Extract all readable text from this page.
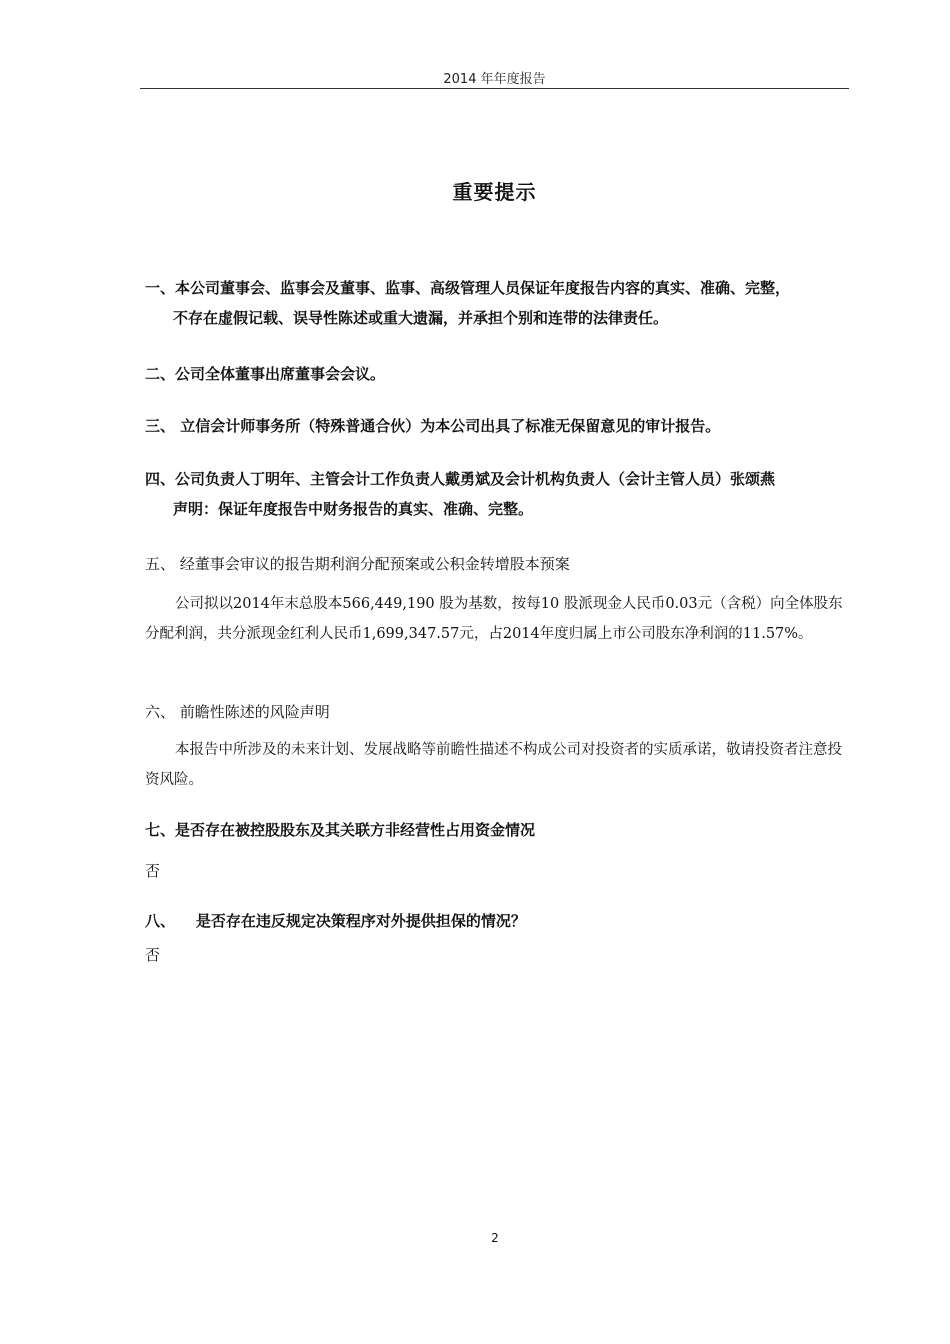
2014 年年度报告
重要提示
一、本公司董事会、监事会及董事、监事、高级管理人员保证年度报告内容的真实、准确、完整，
不存在虚假记载、误导性陈述或重大遗漏，并承担个别和连带的法律责任。
二、公司全体董事出席董事会会议。
三、 立信会计师事务所（特殊普通合伙）为本公司出具了标准无保留意见的审计报告。
四、公司负责人丁明年、主管会计工作负责人戴勇斌及会计机构负责人（会计主管人员）张颂燕
声明：保证年度报告中财务报告的真实、准确、完整。
五、 经董事会审议的报告期利润分配预案或公积金转增股本预案
公司拟以2014年末总股本566,449,190 股为基数，按每10 股派现金人民币0.03元（含税）向全体股东分配利润，共分派现金红利人民币1,699,347.57元，占2014年度归属上市公司股东净利润的11.57%。
六、 前瞻性陈述的风险声明
本报告中所涉及的未来计划、发展战略等前瞻性描述不构成公司对投资者的实质承诺，敬请投资者注意投资风险。
七、是否存在被控股股东及其关联方非经营性占用资金情况
否
八、    是否存在违反规定决策程序对外提供担保的情况？
否
2
